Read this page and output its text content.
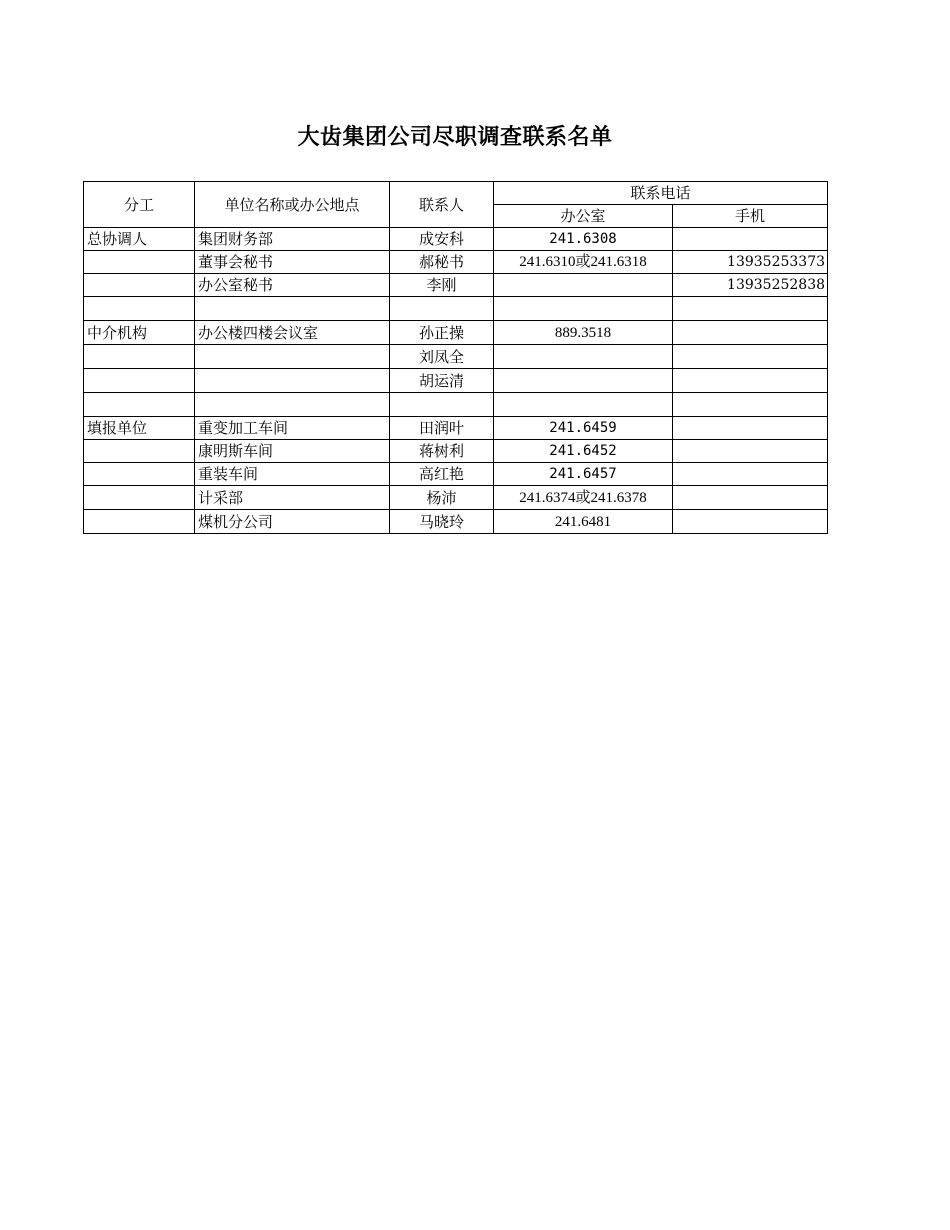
大齿集团公司尽职调查联系名单
分工	单位名称或办公地点	联系人	联系电话	
			办公室	手机
总协调人	集团财务部	成安科	241.6308	
	董事会秘书	郝秘书	241.6310或241.6318	13935253373
	办公室秘书	李刚		13935252838

中介机构	办公楼四楼会议室	孙正操	889.3518	
		刘凤全		
		胡运清		

填报单位	重变加工车间	田润叶	241.6459	
	康明斯车间	蒋树利	241.6452	
	重装车间	高红艳	241.6457	
	计采部	杨沛	241.6374或241.6378	
	煤机分公司	马晓玲	241.6481	
